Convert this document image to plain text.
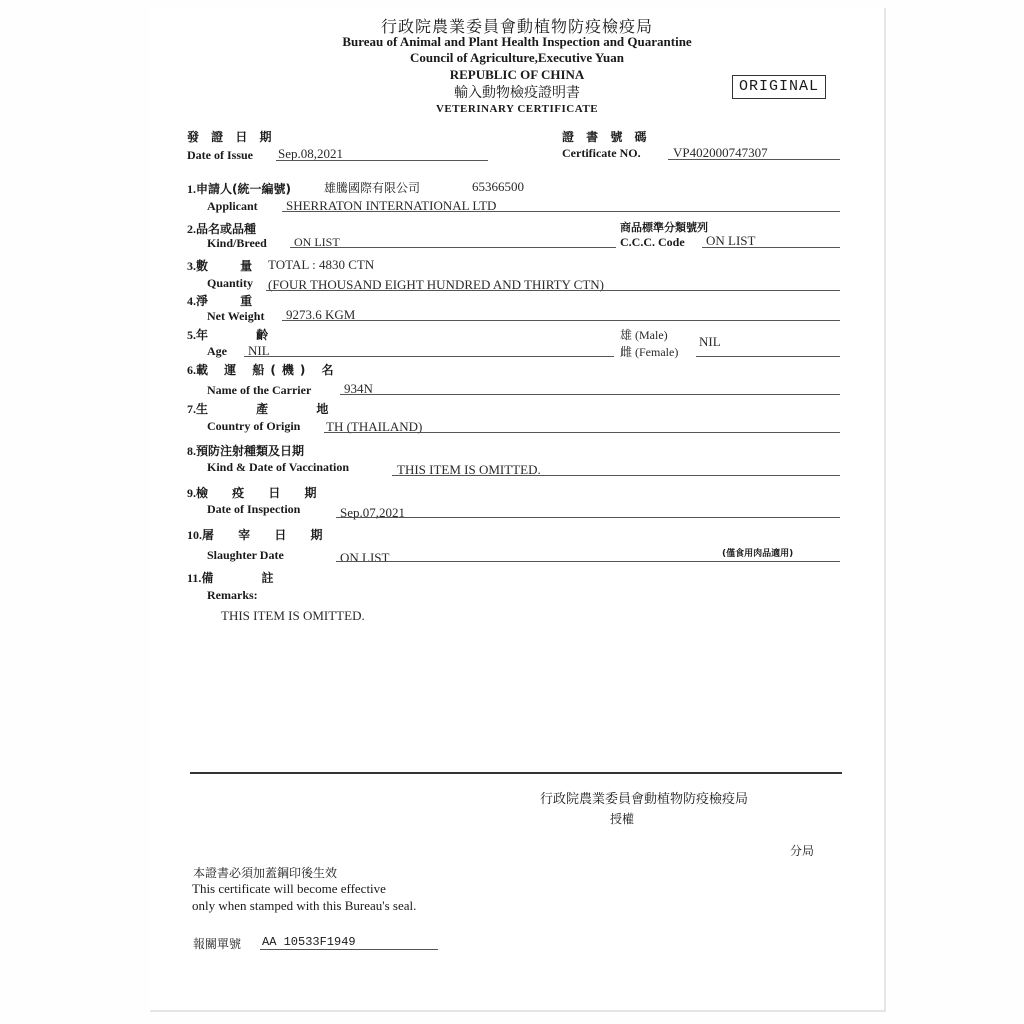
行政院農業委員會動植物防疫檢疫局
Bureau of Animal and Plant Health Inspection and Quarantine
Council of Agriculture,Executive Yuan
REPUBLIC OF CHINA
輸入動物檢疫證明書
VETERINARY CERTIFICATE
ORIGINAL
發 證 日 期
Date of Issue Sep.08,2021
證 書 號 碼
Certificate NO. VP402000747307
1.申請人(統一編號)	雄騰國際有限公司	65366500
Applicant SHERRATON INTERNATIONAL LTD
2.品名或品種
Kind/Breed ON LIST
商品標準分類號列
C.C.C. Code ON LIST
3.數 量 TOTAL : 4830 CTN
Quantity (FOUR THOUSAND EIGHT HUNDRED AND THIRTY CTN)
4.淨 重
Net Weight 9273.6 KGM
5.年 齡
Age NIL
雄 (Male)
雌 (Female)
NIL
6.載 運 船(機) 名
Name of the Carrier	934N
7.生 產 地
Country of Origin TH (THAILAND)
8.預防注射種類及日期
Kind & Date of Vaccination	THIS ITEM IS OMITTED.
9.檢 疫 日 期
Date of Inspection	Sep.07,2021
10.屠 宰 日 期
Slaughter Date	ON LIST	(僅食用肉品適用)
11.備 註
Remarks:
THIS ITEM IS OMITTED.
行政院農業委員會動植物防疫檢疫局
授權
分局
本證書必須加蓋鋼印後生效
This certificate will become effective
only when stamped with this Bureau's seal.
報關單號 AA 10533F1949
